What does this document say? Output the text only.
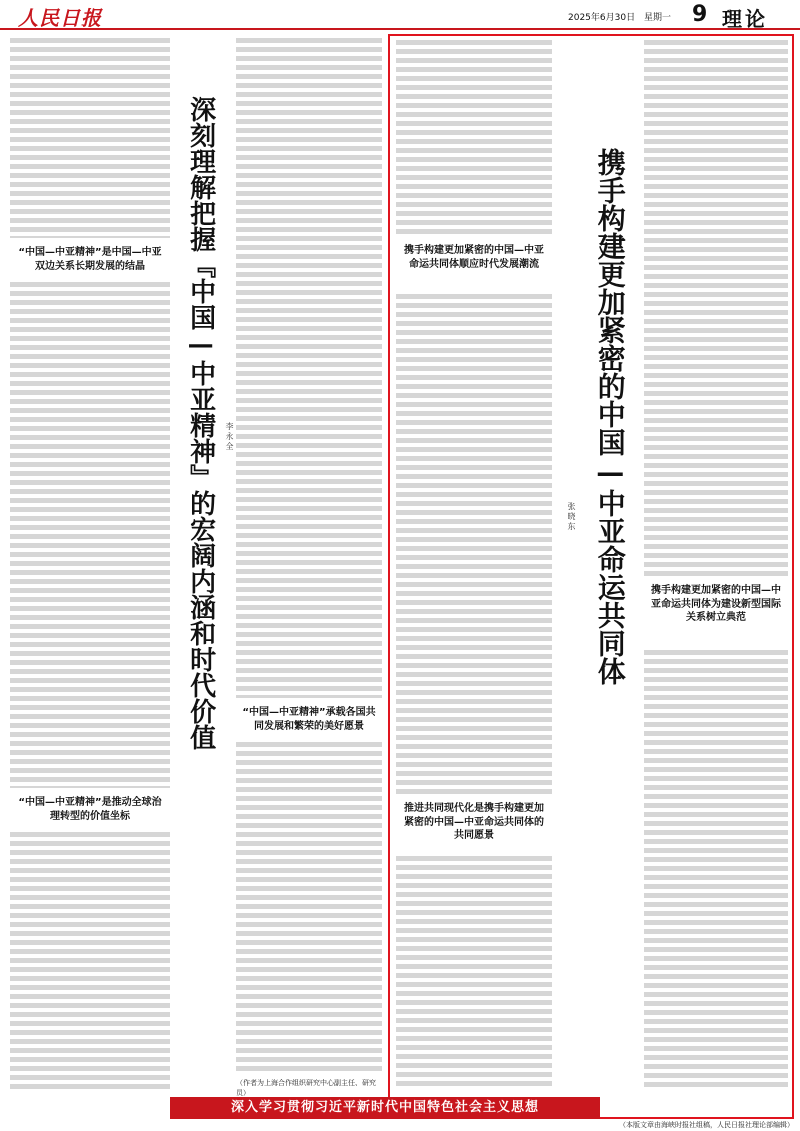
人民日报	2025年6月30日 星期一 9 理论
“中国—中亚精神”是中国—中亚双边关系长期发展的结晶
“中国—中亚精神”是推动全球治理转型的价值坐标
深刻理解把握『中国—中亚精神』的宏阔内涵和时代价值 李永全
“中国—中亚精神”承载各国共同发展和繁荣的美好愿景
（作者为上海合作组织研究中心副主任、研究员）
携手构建更加紧密的中国—中亚命运共同体顺应时代发展潮流
推进共同现代化是携手构建更加紧密的中国—中亚命运共同体的共同愿景
携手构建更加紧密的中国—中亚命运共同体
张晓东
携手构建更加紧密的中国—中亚命运共同体为建设新型国际关系树立典范
深入学习贯彻习近平新时代中国特色社会主义思想
（本版文章由海峡时报社组稿，人民日报社理论部编辑）
